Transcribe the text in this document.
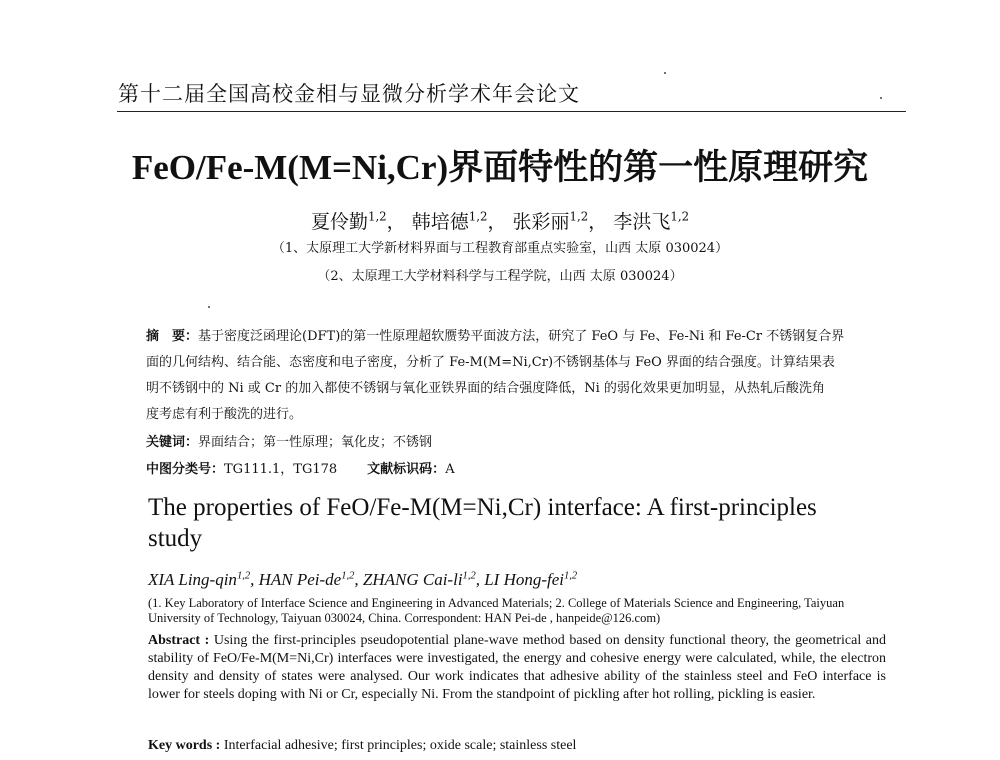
第十二届全国高校金相与显微分析学术年会论文
FeO/Fe-M(M=Ni,Cr)界面特性的第一性原理研究
夏伶勤$^{1,2}$， 韩培德$^{1,2}$， 张彩丽$^{1,2}$， 李洪飞$^{1,2}$
（1、太原理工大学新材料界面与工程教育部重点实验室，山西 太原 030024）
（2、太原理工大学材料科学与工程学院，山西 太原 030024）
摘　要：基于密度泛函理论(DFT)的第一性原理超软赝势平面波方法，研究了 FeO 与 Fe、Fe-Ni 和 Fe-Cr 不锈钢复合界
面的几何结构、结合能、态密度和电子密度，分析了 Fe-M(M=Ni,Cr)不锈钢基体与 FeO 界面的结合强度。计算结果表
明不锈钢中的 Ni 或 Cr 的加入都使不锈钢与氧化亚铁界面的结合强度降低，Ni 的弱化效果更加明显，从热轧后酸洗角
度考虑有利于酸洗的进行。
关键词：界面结合；第一性原理；氧化皮；不锈钢
中图分类号：TG111.1，TG178 文献标识码：A
The properties of FeO/Fe-M(M=Ni,Cr) interface: A first-principles study
XIA Ling-qin$^{1,2}$, HAN Pei-de$^{1,2}$, ZHANG Cai-li$^{1,2}$, LI Hong-fei$^{1,2}$
(1. Key Laboratory of Interface Science and Engineering in Advanced Materials; 2. College of Materials Science and Engineering, Taiyuan University of Technology, Taiyuan 030024, China. Correspondent: HAN Pei-de , hanpeide@126.com)
Abstract : Using the first-principles pseudopotential plane-wave method based on density functional theory, the geometrical and stability of FeO/Fe-M(M=Ni,Cr) interfaces were investigated, the energy and cohesive energy were calculated, while, the electron density and density of states were analysed. Our work indicates that adhesive ability of the stainless steel and FeO interface is lower for steels doping with Ni or Cr, especially Ni. From the standpoint of pickling after hot rolling, pickling is easier.
Key words : Interfacial adhesive; first principles; oxide scale; stainless steel
